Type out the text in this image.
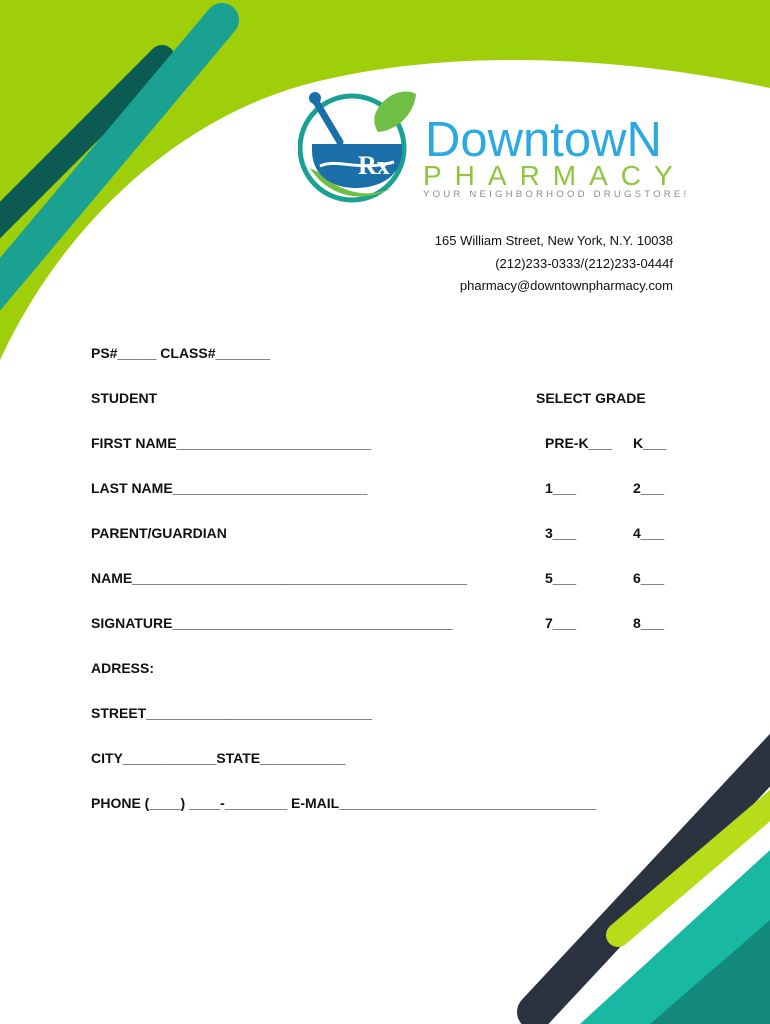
Rx DowntowN
PHARMACY
YOUR NEIGHBORHOOD DRUGSTORE!
165 William Street, New York, N.Y. 10038
(212)233-0333/(212)233-0444f
pharmacy@downtownpharmacy.com
PS#_____ CLASS#_______
STUDENT	SELECT GRADE
FIRST NAME_________________________
LAST NAME_________________________
PARENT/GUARDIAN
NAME___________________________________________
SIGNATURE____________________________________
ADRESS:
STREET_____________________________
CITY____________STATE___________
PHONE (____) ____-________ E-MAIL_________________________________
PRE-K___ K___
1___	2___
3___	4___
5___	6___
7___	8___
